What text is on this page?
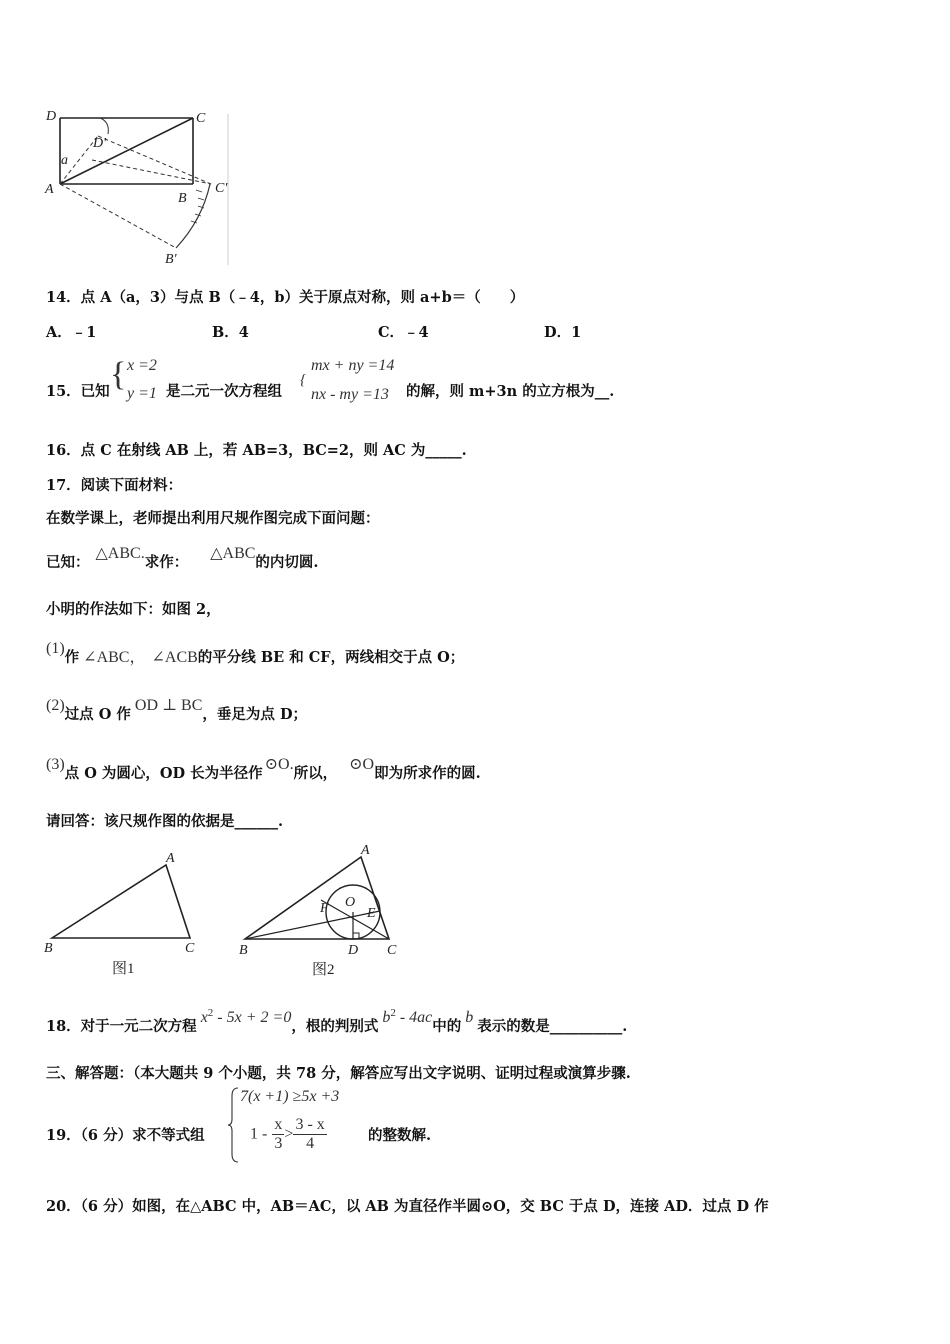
D	C
D'
a
A
B
C'
B'
14．点 A（a，3）与点 B（﹣4，b）关于原点对称，则 a+b＝（　　）
A．﹣1	B．4	C．﹣4	D．1
15．已知 { x =2
y =1 是二元一次方程组
{
mx + ny =14
nx - my =13 的解，则 m+3n 的立方根为__.
16．点 C 在射线 AB 上，若 AB=3，BC=2，则 AC 为_____.
17．阅读下面材料：
在数学课上，老师提出利用尺规作图完成下面问题：
已知：△ABC.求作：△ABC的内切圆.
小明的作法如下：如图 2，
(1)作 ∠ABC， ∠ACB的平分线 BE 和 CF，两线相交于点 O；
(2)过点 O 作OD ⊥ BC，垂足为点 D；
(3)点 O 为圆心，OD 长为半径作⊙O.所以，⊙O即为所求作的圆.
请回答：该尺规作图的依据是______.
A
B	C
图1
A
O
F	E
B	D C
图2
18．对于一元二次方程$x^2 - 5x + 2 =0$，根的判别式$b^2 - 4ac$中的b表示的数是__________.
三、解答题：（本大题共 9 个小题，共 78 分，解答应写出文字说明、证明过程或演算步骤.
19．（6 分）求不等式组
7(x +1) ≥5x +3
$1 - \frac{x}{3} > \frac{3 - x}{4}$	的整数解.
20．（6 分）如图，在△ABC 中，AB＝AC，以 AB 为直径作半圆⊙O，交 BC 于点 D，连接 AD．过点 D 作
